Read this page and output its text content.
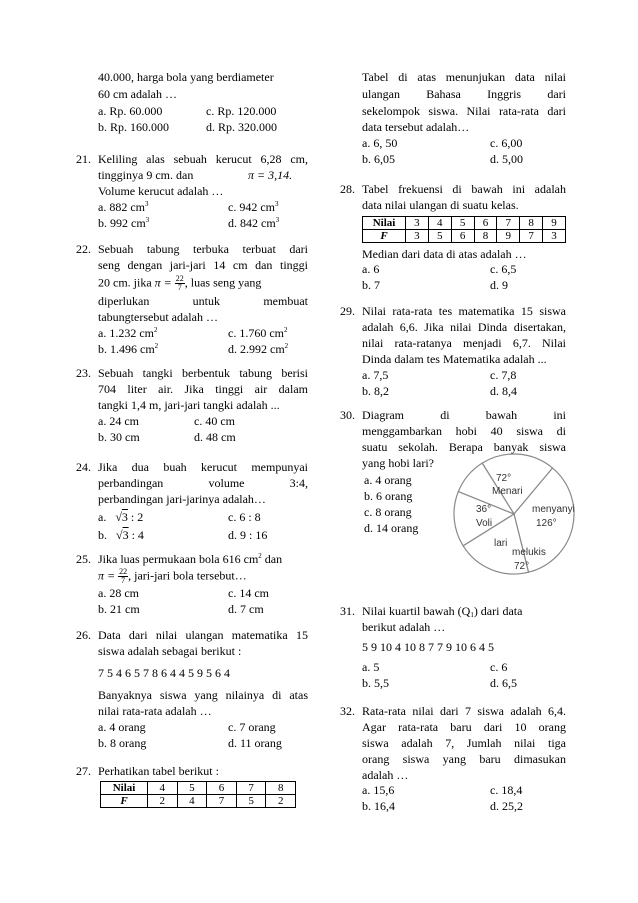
40.000, harga bola yang berdiameter
60 cm adalah …
a. Rp. 60.000	c. Rp. 120.000
b. Rp. 160.000	d. Rp. 320.000
21. Keliling alas sebuah kerucut 6,28 cm,
tingginya 9 cm. dan	π = 3,14.
Volume kerucut adalah …
a. 882 $cm^3$	c. 942 $cm^3$
b. 992 $cm^3$	d. 842 $cm^3$
22. Sebuah tabung terbuka terbuat dari
seng dengan jari-jari 14 cm dan tinggi
20 cm. jika $\pi = \frac{22}{7}$ , luas seng yang
diperlukan untuk membuat
tabungtersebut adalah …
a. 1.232 $cm^2$	c. 1.760 $cm^2$
b. 1.496 $cm^2$	d. 2.992 $cm^2$
23. Sebuah tangki berbentuk tabung berisi
704 liter air. Jika tinggi air dalam
tangki 1,4 m, jari-jari tangki adalah ...
a. 24 cm	c. 40 cm
b. 30 cm	d. 48 cm
24. Jika dua buah kerucut mempunyai
perbandingan volume 3:4,
perbandingan jari-jarinya adalah…
a.   √3 : 2	c. 6 : 8
b.   √3 : 4	d. 9 : 16
25. Jika luas permukaan bola 616 $cm^2$ dan
$\pi = \frac{22}{7}$ , jari-jari bola tersebut…
a. 28 cm	c. 14 cm
b. 21 cm	d. 7 cm
26. Data dari nilai ulangan matematika 15
siswa adalah sebagai berikut :
7 5 4 6 5 7 8 6 4 4 5 9 5 6 4
Banyaknya siswa yang nilainya di atas
nilai rata-rata adalah …
a. 4 orang	c. 7 orang
b. 8 orang	d. 11 orang
27. Perhatikan tabel berikut :
Nilai	4	5	6	7	8
F	2	4	7	5	2
Tabel di atas menunjukan data nilai
ulangan Bahasa Inggris dari
sekelompok siswa. Nilai rata-rata dari
data tersebut adalah…
a. 6, 50	c. 6,00
b. 6,05	d. 5,00
28. Tabel frekuensi di bawah ini adalah
data nilai ulangan di suatu kelas.
Nilai	3	4	5	6	7	8	9
F	3	5	6	8	9	7	3
Median dari data di atas adalah …
a. 6	c. 6,5
b. 7	d. 9
29. Nilai rata-rata tes matematika 15 siswa
adalah 6,6. Jika nilai Dinda disertakan,
nilai rata-ratanya menjadi 6,7. Nilai
Dinda dalam tes Matematika adalah ...
a. 7,5	c. 7,8
b. 8,2	d. 8,4
30. Diagram di bawah ini
menggambarkan hobi 40 siswa di
suatu sekolah. Berapa banyak siswa
yang hobi lari?
a. 4 orang
b. 6 orang
c. 8 orang
d. 14 orang
72°
Menari
menyanyi
126°
36°
Voli
lari
melukis
72°
31. Nilai kuartil bawah $(Q_1)$ dari data
berikut adalah …
5 9 10 4 10 8 7 7 9 10 6 4 5
a. 5	c. 6
b. 5,5	d. 6,5
32. Rata-rata nilai dari 7 siswa adalah 6,4.
Agar rata-rata baru dari 10 orang
siswa adalah 7, Jumlah nilai tiga
orang siswa yang baru dimasukan
adalah …
a. 15,6	c. 18,4
b. 16,4	d. 25,2
